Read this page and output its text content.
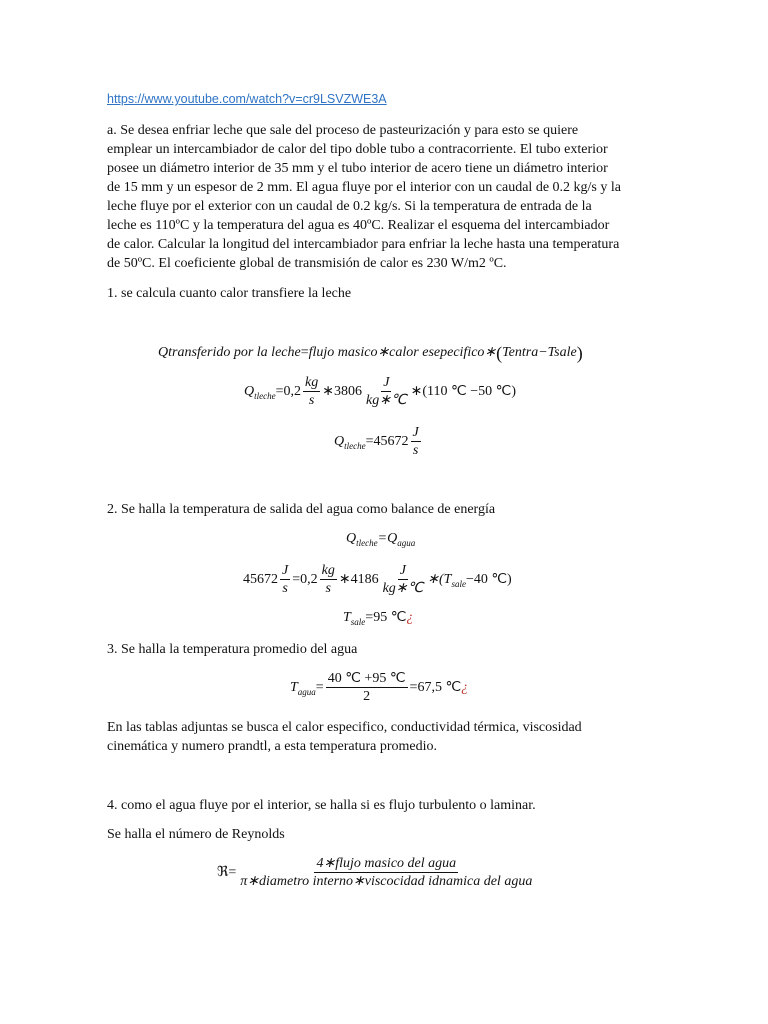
https://www.youtube.com/watch?v=cr9LSVZWE3A
a. Se desea enfriar leche que sale del proceso de pasteurización y para esto se quiere
emplear un intercambiador de calor del tipo doble tubo a contracorriente. El tubo exterior
posee un diámetro interior de 35 mm y el tubo interior de acero tiene un diámetro interior
de 15 mm y un espesor de 2 mm. El agua fluye por el interior con un caudal de 0.2 kg/s y la
leche fluye por el exterior con un caudal de 0.2 kg/s. Si la temperatura de entrada de la
leche es 110ºC y la temperatura del agua es 40ºC. Realizar el esquema del intercambiador
de calor. Calcular la longitud del intercambiador para enfriar la leche hasta una temperatura
de 50ºC. El coeficiente global de transmisión de calor es 230 W/m2 ºC.
1. se calcula cuanto calor transfiere la leche
Qtransferido por la leche = flujo masico∗calor esepecifico∗ ( Tentra−Tsale )
Q tleche $=0,2 \frac{kg}{s}$ ∗3806 $\frac{J}{kg∗℃}$ ∗(110 ℃ −50 ℃)
Q tleche $=45672 \frac{J}{s}$
2. Se halla la temperatura de salida del agua como balance de energía
Q tleche =Q agua
$45672 \frac{J}{s} =0,2 \frac{kg}{s}$ ∗4186 $\frac{J}{kg∗℃}$ ∗(T sale −40 ℃)
T sale =95 ℃ ¿
3. Se halla la temperatura promedio del agua
T agua = $\frac{40 ℃ +95 ℃}{2} =67,5$ ℃ ¿
En las tablas adjuntas se busca el calor especifico, conductividad térmica, viscosidad
cinemática y numero prandtl, a esta temperatura promedio.
4. como el agua fluye por el interior, se halla si es flujo turbulento o laminar.
Se halla el número de Reynolds
ℜ= $\frac{\text{4∗flujo masico del agua}}{\text{π∗diametro interno∗viscocidad idnamica del agua}}$
